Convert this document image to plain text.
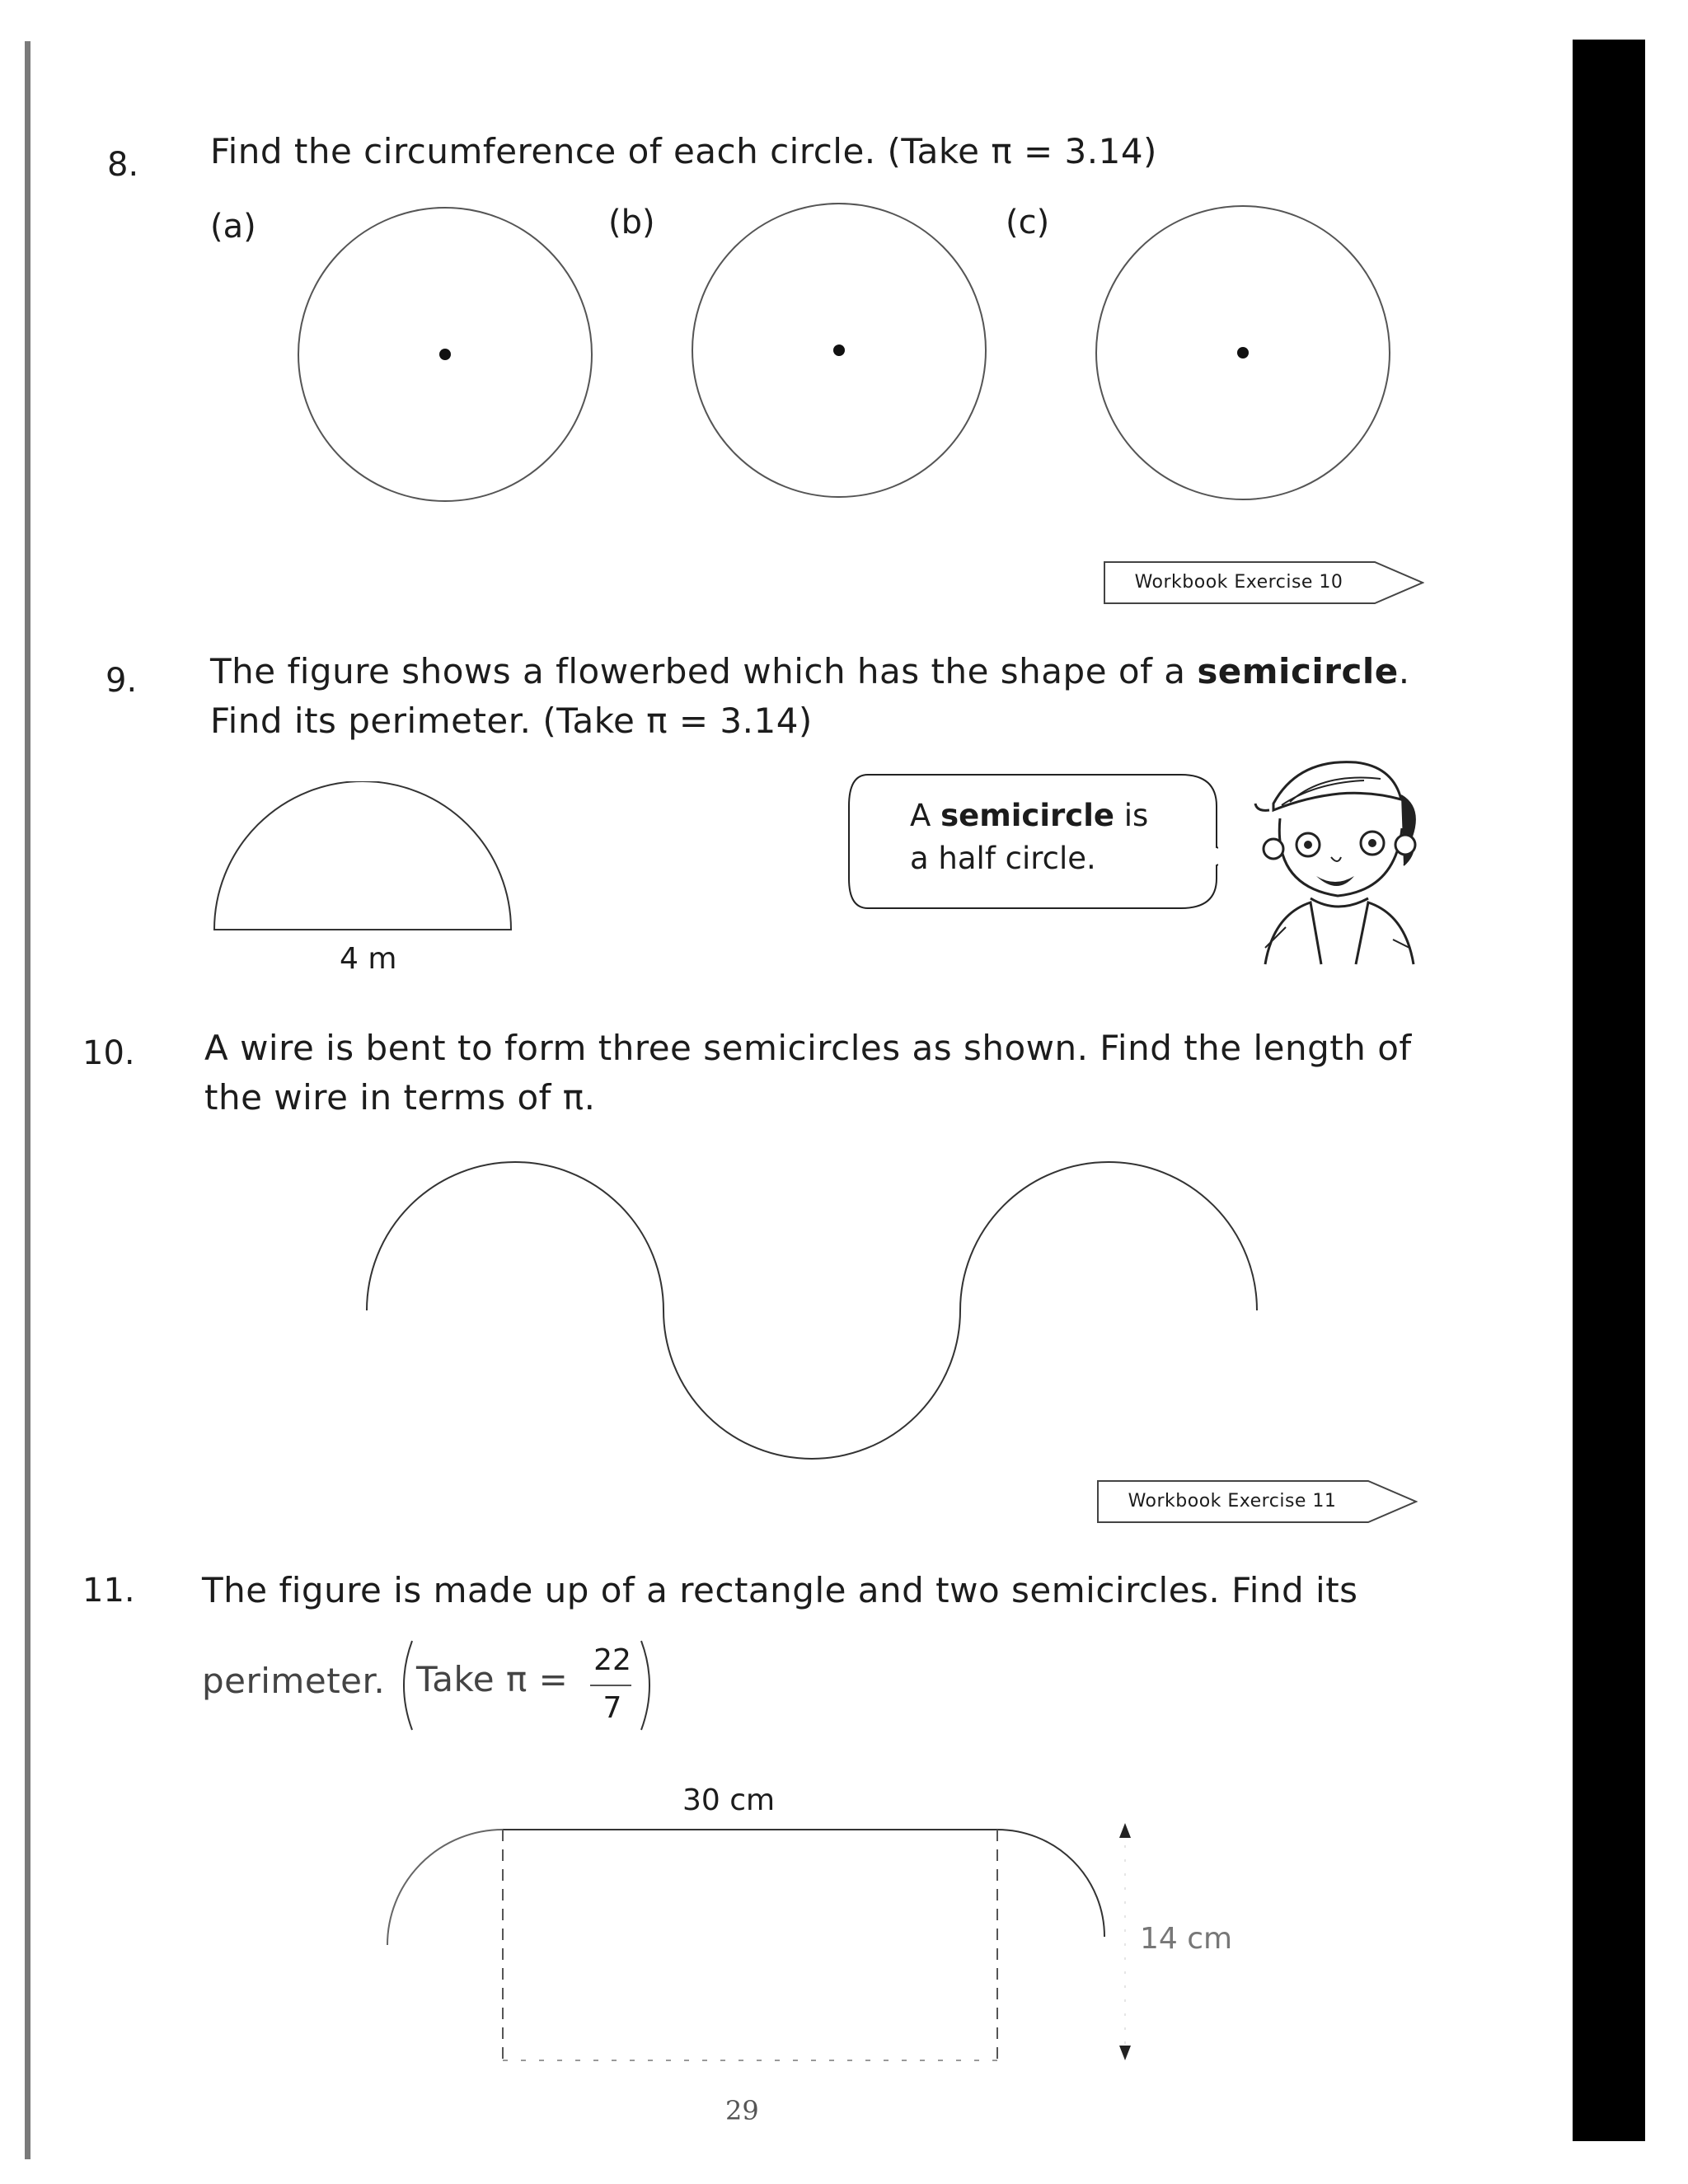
8. Find the circumference of each circle. (Take π = 3.14)
(a)	(b)	(c)
Workbook Exercise 10
9. The figure shows a flowerbed which has the shape of a semicircle.
Find its perimeter. (Take π = 3.14)
4 m
A semicircle is
a half circle.
10. A wire is bent to form three semicircles as shown. Find the length of
the wire in terms of π.
Workbook Exercise 11
11. The figure is made up of a rectangle and two semicircles. Find its
perimeter. Take π = 22
7
30 cm
14 cm
29
